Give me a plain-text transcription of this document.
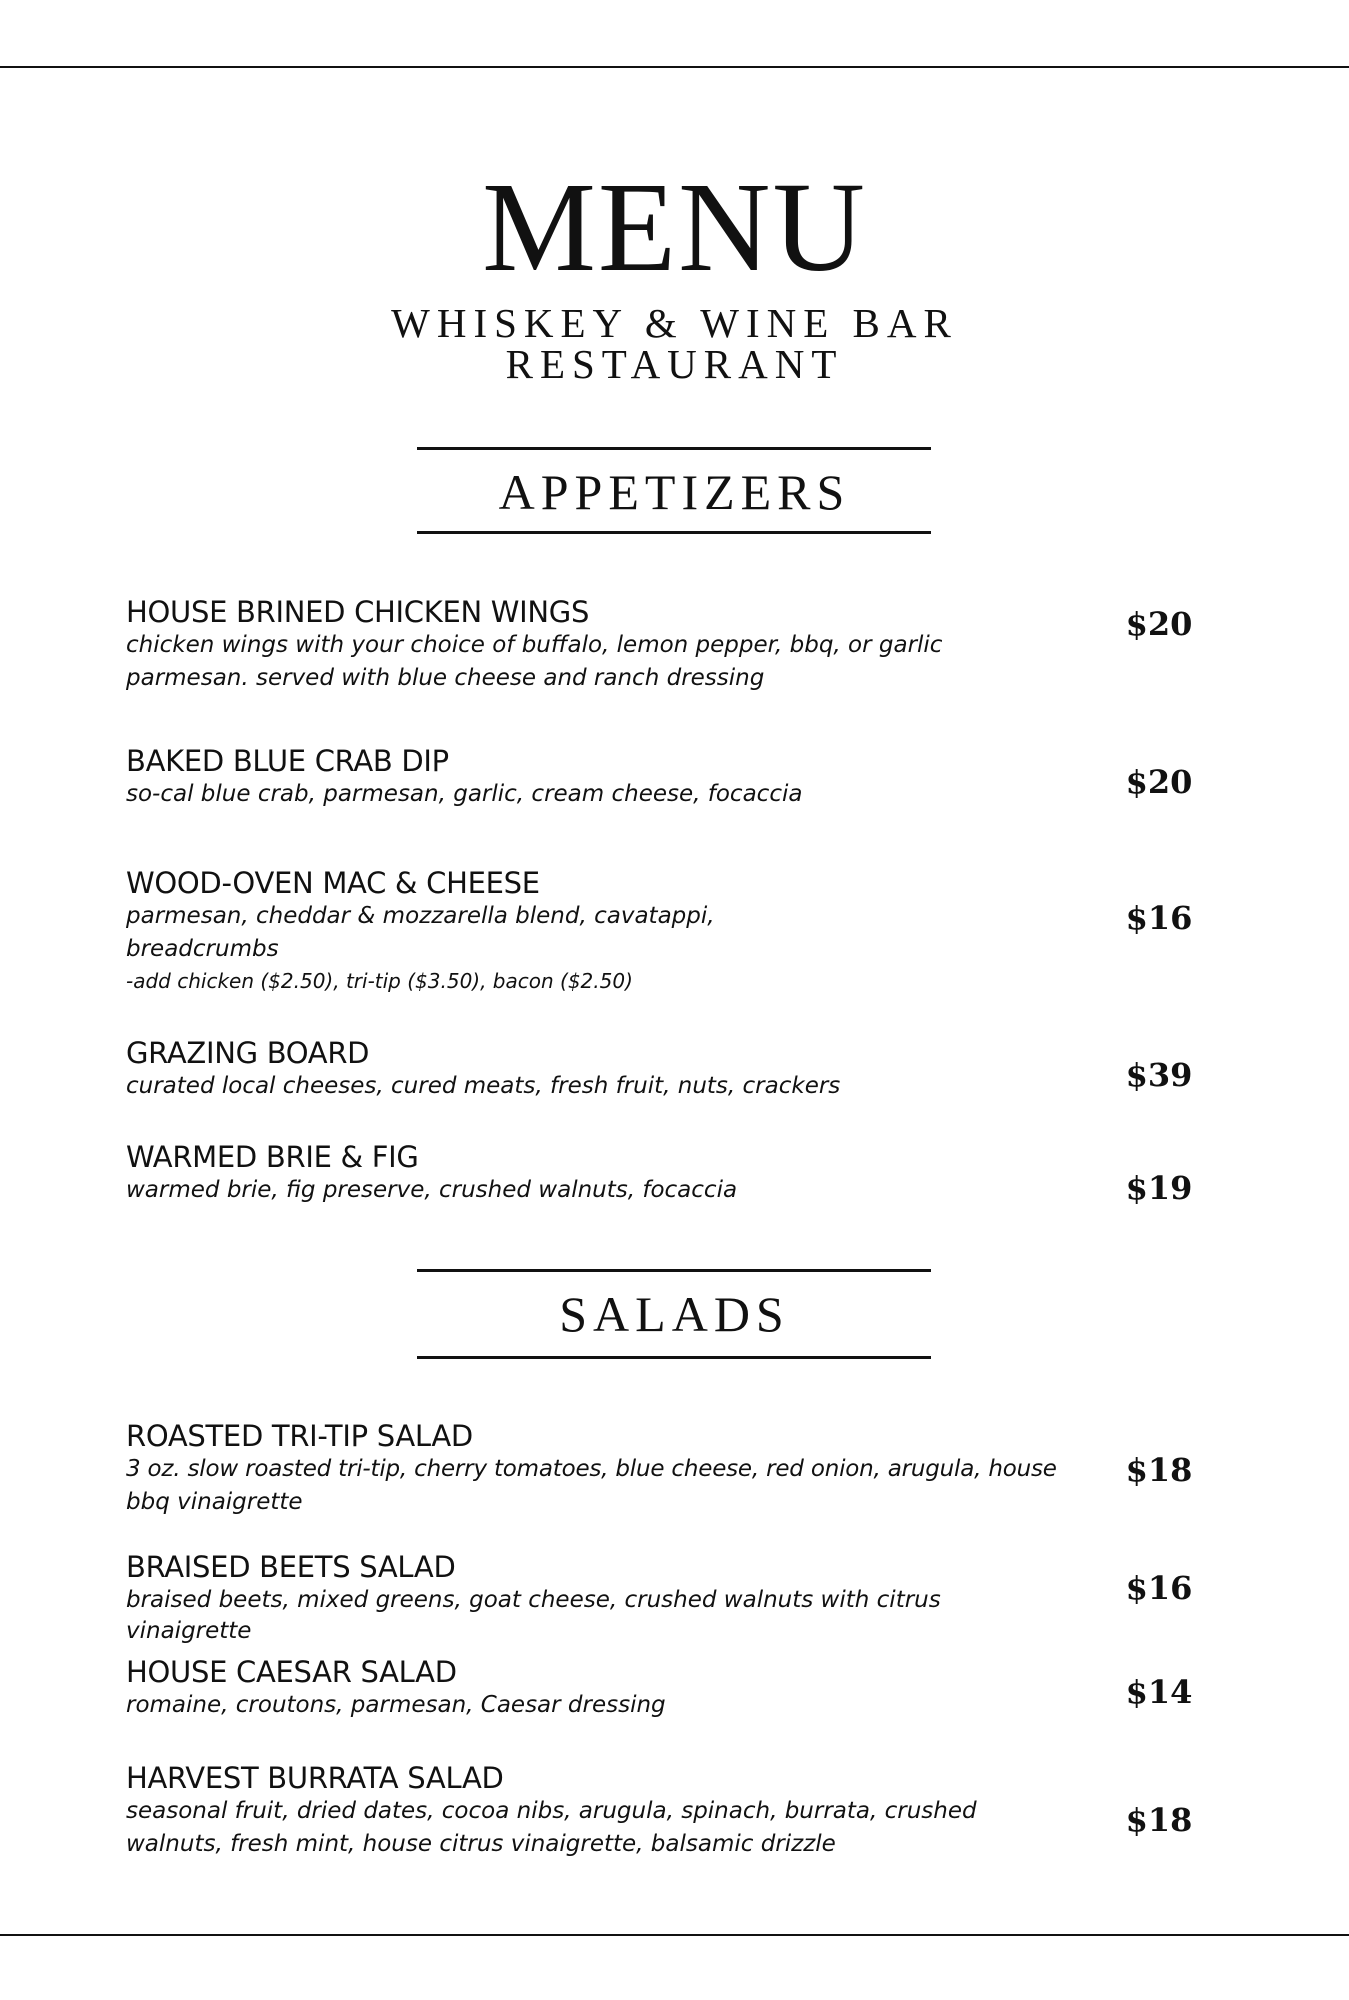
MENU
WHISKEY & WINE BAR
RESTAURANT
APPETIZERS

HOUSE BRINED CHICKEN WINGS

chicken wings with your choice of buffalo, lemon pepper, bbq, or garlic

parmesan. served with blue cheese and ranch dressing

$20

BAKED BLUE CRAB DIP

so-cal blue crab, parmesan, garlic, cream cheese, focaccia	$20

WOOD-OVEN MAC & CHEESE

parmesan, cheddar & mozzarella blend, cavatappi,

breadcrumbs

-add chicken ($2.50), tri-tip ($3.50), bacon ($2.50)

$16

GRAZING BOARD

curated local cheeses, cured meats, fresh fruit, nuts, crackers	$39

WARMED BRIE & FIG

warmed brie, fig preserve, crushed walnuts, focaccia	$19
SALADS

ROASTED TRI-TIP SALAD

3 oz. slow roasted tri-tip, cherry tomatoes, blue cheese, red onion, arugula, house

bbq vinaigrette

$18

BRAISED BEETS SALAD

braised beets, mixed greens, goat cheese, crushed walnuts with citrus

vinaigrette

$16

HOUSE CAESAR SALAD

romaine, croutons, parmesan, Caesar dressing	$14

HARVEST BURRATA SALAD

seasonal fruit, dried dates, cocoa nibs, arugula, spinach, burrata, crushed

walnuts, fresh mint, house citrus vinaigrette, balsamic drizzle

$18
